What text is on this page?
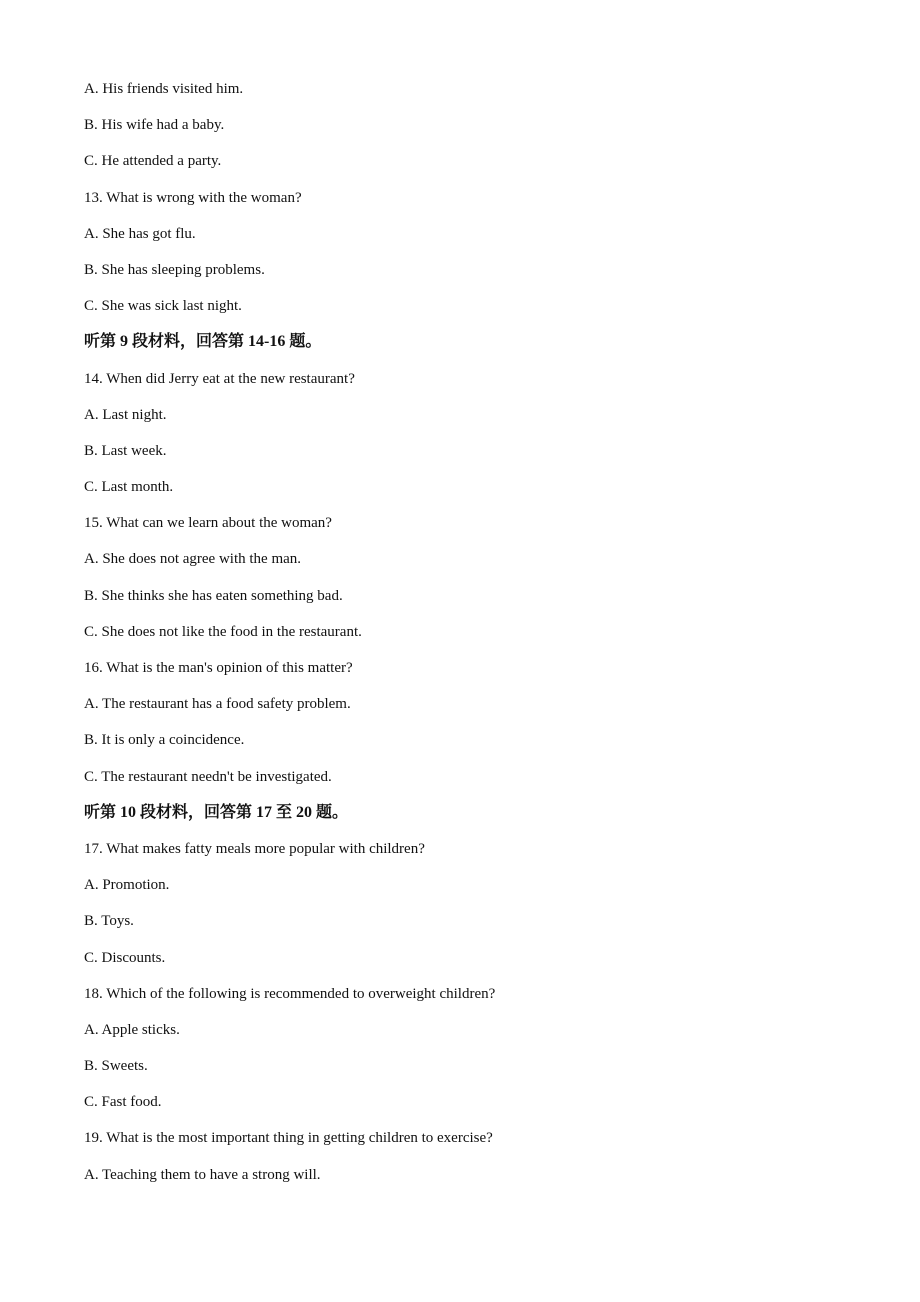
A. His friends visited him.
B. His wife had a baby.
C. He attended a party.
13. What is wrong with the woman?
A. She has got flu.
B. She has sleeping problems.
C. She was sick last night.
听第 9 段材料，回答第 14-16 题。
14. When did Jerry eat at the new restaurant?
A. Last night.
B. Last week.
C. Last month.
15. What can we learn about the woman?
A. She does not agree with the man.
B. She thinks she has eaten something bad.
C. She does not like the food in the restaurant.
16. What is the man's opinion of this matter?
A. The restaurant has a food safety problem.
B. It is only a coincidence.
C. The restaurant needn't be investigated.
听第 10 段材料，回答第 17 至 20 题。
17. What makes fatty meals more popular with children?
A. Promotion.
B. Toys.
C. Discounts.
18. Which of the following is recommended to overweight children?
A. Apple sticks.
B. Sweets.
C. Fast food.
19. What is the most important thing in getting children to exercise?
A. Teaching them to have a strong will.
